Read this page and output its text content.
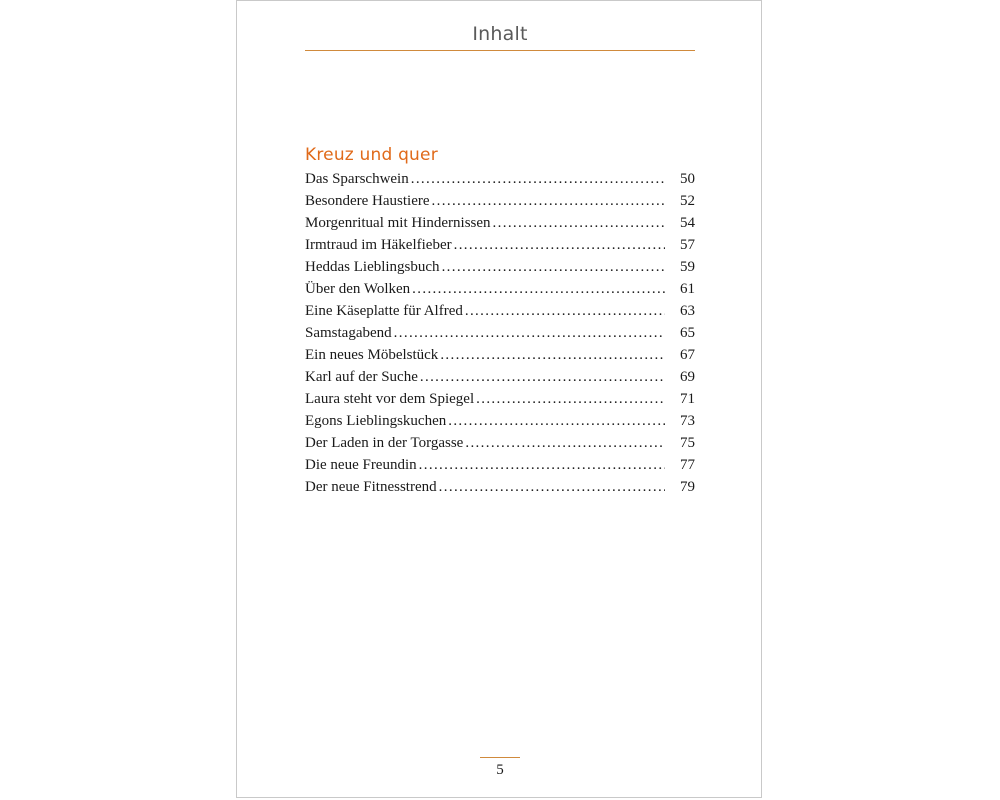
Inhalt
Kreuz und quer
Das Sparschwein . . .	50
Besondere Haustiere . . .	52
Morgenritual mit Hindernissen . . .	54
Irmtraud im Häkelfieber . . .	57
Heddas Lieblingsbuch . . .	59
Über den Wolken . . .	61
Eine Käseplatte für Alfred . . .	63
Samstagabend . . .	65
Ein neues Möbelstück . . .	67
Karl auf der Suche . . .	69
Laura steht vor dem Spiegel . . .	71
Egons Lieblingskuchen . . .	73
Der Laden in der Torgasse . . .	75
Die neue Freundin . . .	77
Der neue Fitnesstrend . . .	79
5
